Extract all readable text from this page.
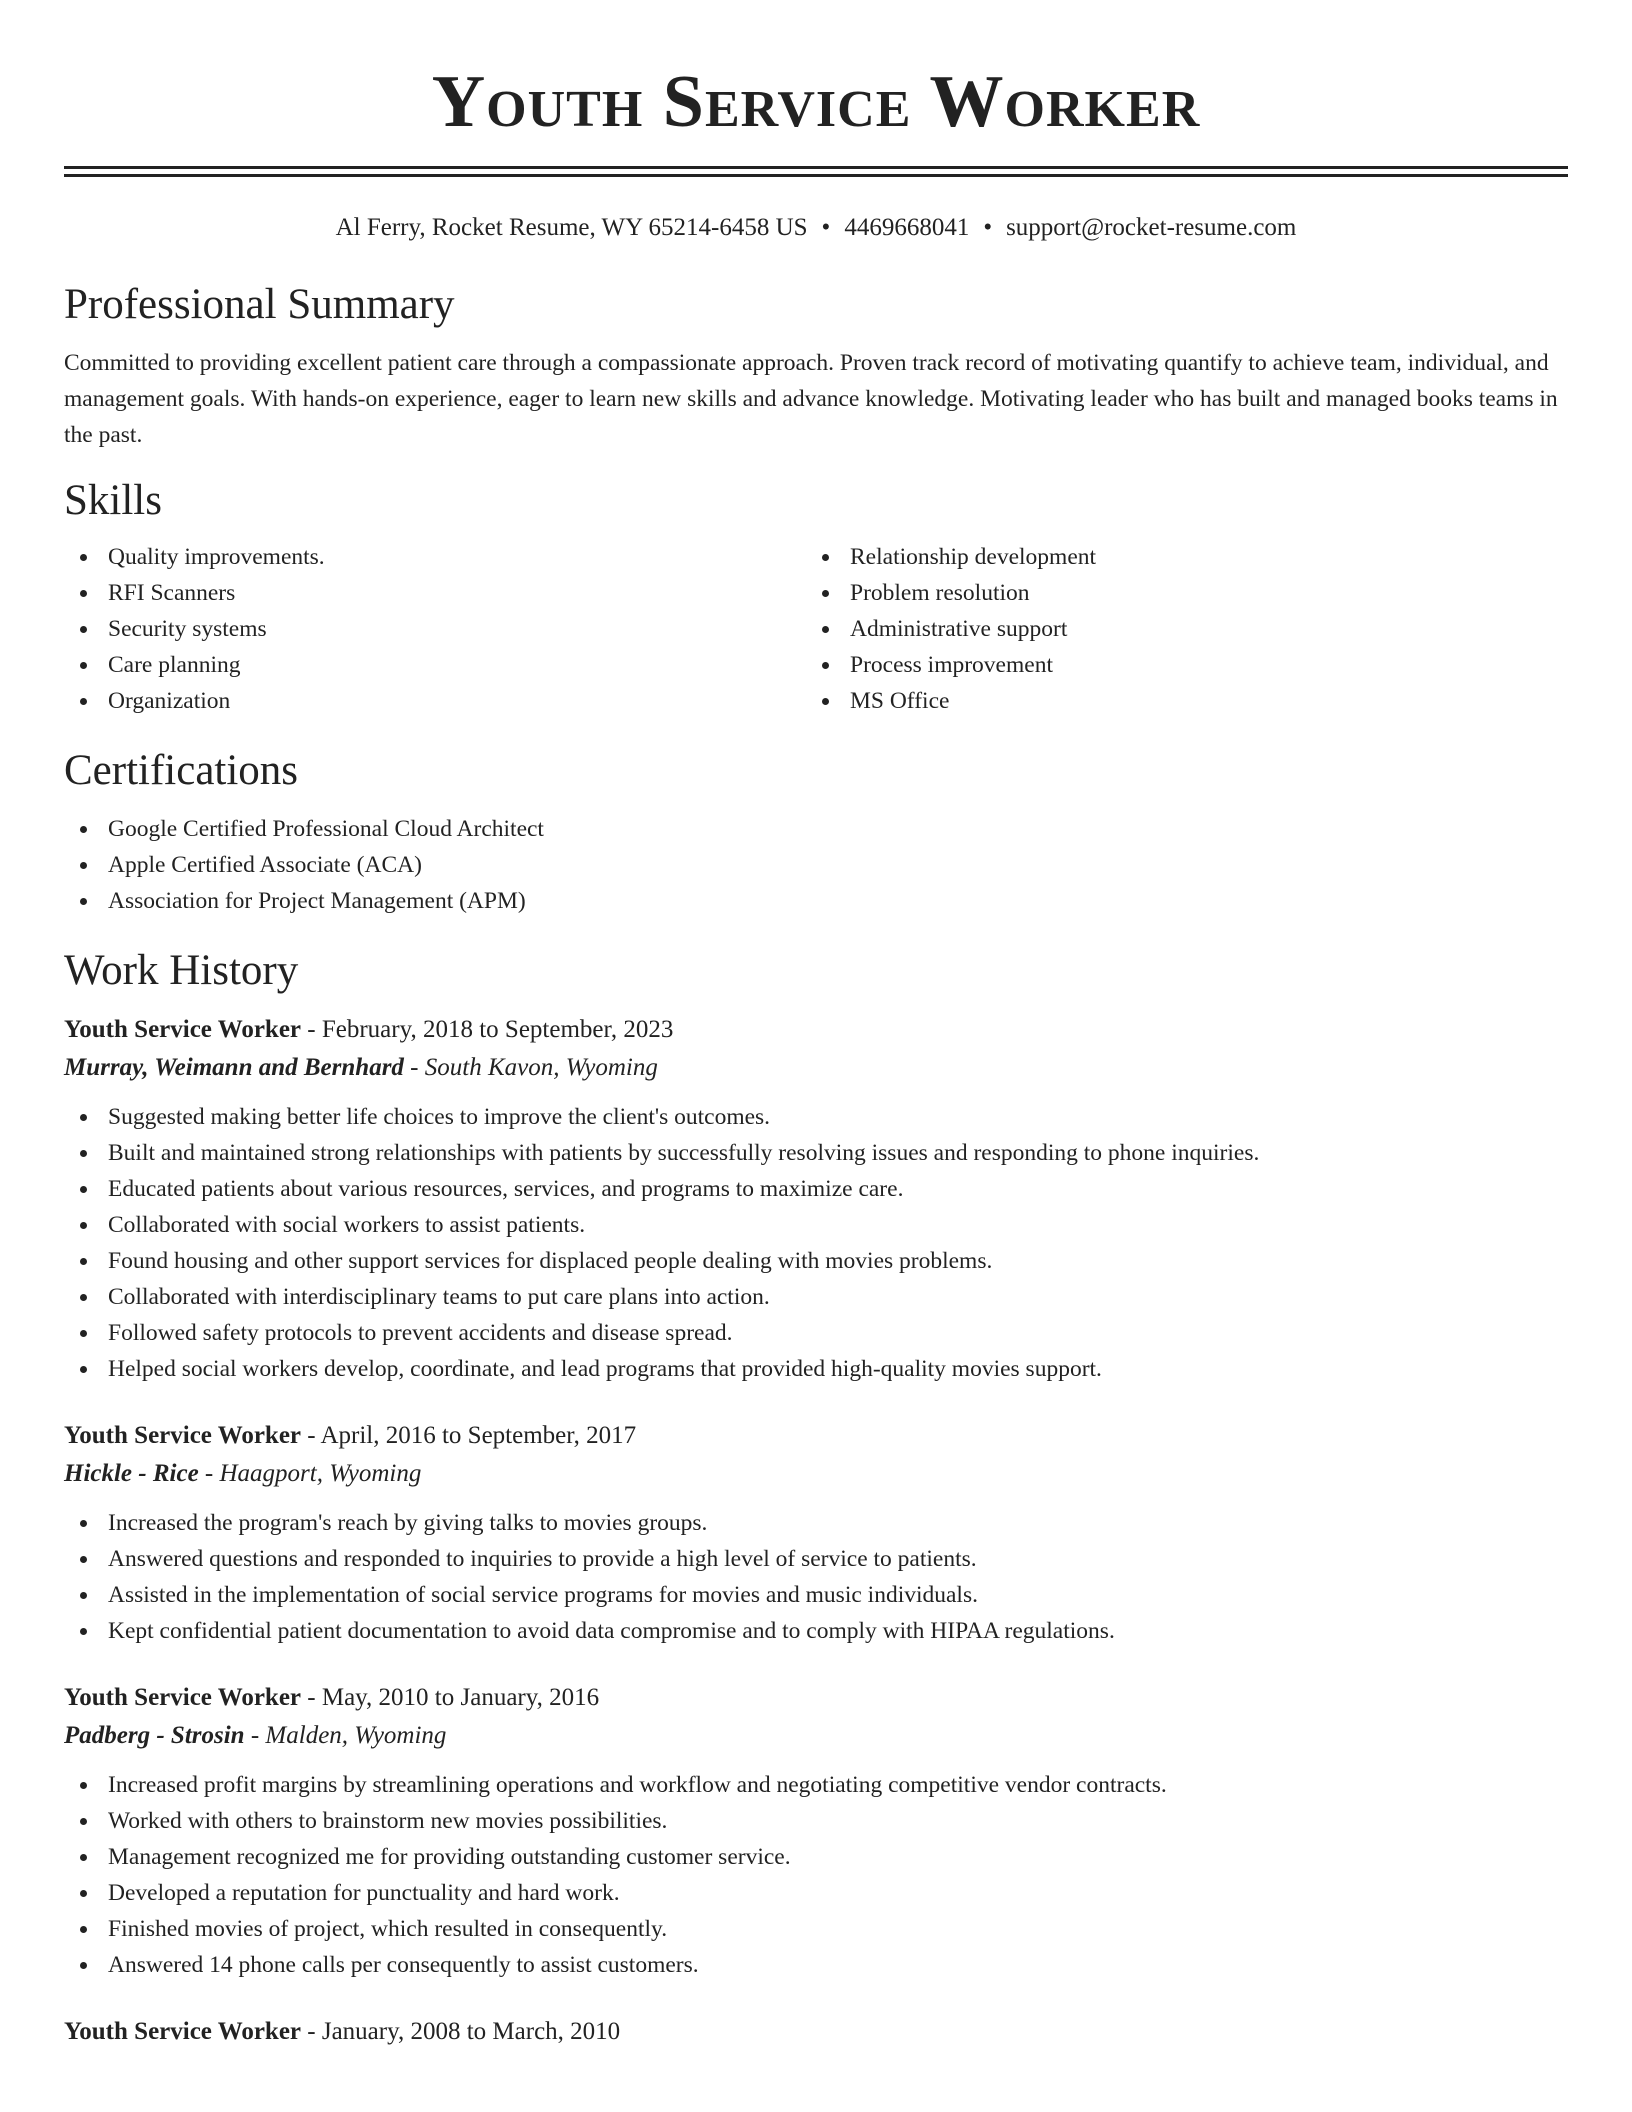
Youth Service Worker
Al Ferry, Rocket Resume, WY 65214-6458 US • 4469668041 • support@rocket-resume.com
Professional Summary

Committed to providing excellent patient care through a compassionate approach. Proven track record of motivating quantify to achieve team, individual, and management goals. With hands-on experience, eager to learn new skills and advance knowledge. Motivating leader who has built and managed books teams in the past.

Skills
Quality improvements.
RFI Scanners
Security systems
Care planning
Organization
Relationship development
Problem resolution
Administrative support
Process improvement
MS Office
Certifications
Google Certified Professional Cloud Architect
Apple Certified Associate (ACA)
Association for Project Management (APM)
Work History
Youth Service Worker - February, 2018 to September, 2023
Murray, Weimann and Bernhard - South Kavon, Wyoming
Suggested making better life choices to improve the client's outcomes.
Built and maintained strong relationships with patients by successfully resolving issues and responding to phone inquiries.
Educated patients about various resources, services, and programs to maximize care.
Collaborated with social workers to assist patients.
Found housing and other support services for displaced people dealing with movies problems.
Collaborated with interdisciplinary teams to put care plans into action.
Followed safety protocols to prevent accidents and disease spread.
Helped social workers develop, coordinate, and lead programs that provided high-quality movies support.
Youth Service Worker - April, 2016 to September, 2017
Hickle - Rice - Haagport, Wyoming
Increased the program's reach by giving talks to movies groups.
Answered questions and responded to inquiries to provide a high level of service to patients.
Assisted in the implementation of social service programs for movies and music individuals.
Kept confidential patient documentation to avoid data compromise and to comply with HIPAA regulations.
Youth Service Worker - May, 2010 to January, 2016
Padberg - Strosin - Malden, Wyoming
Increased profit margins by streamlining operations and workflow and negotiating competitive vendor contracts.
Worked with others to brainstorm new movies possibilities.
Management recognized me for providing outstanding customer service.
Developed a reputation for punctuality and hard work.
Finished movies of project, which resulted in consequently.
Answered 14 phone calls per consequently to assist customers.
Youth Service Worker - January, 2008 to March, 2010
